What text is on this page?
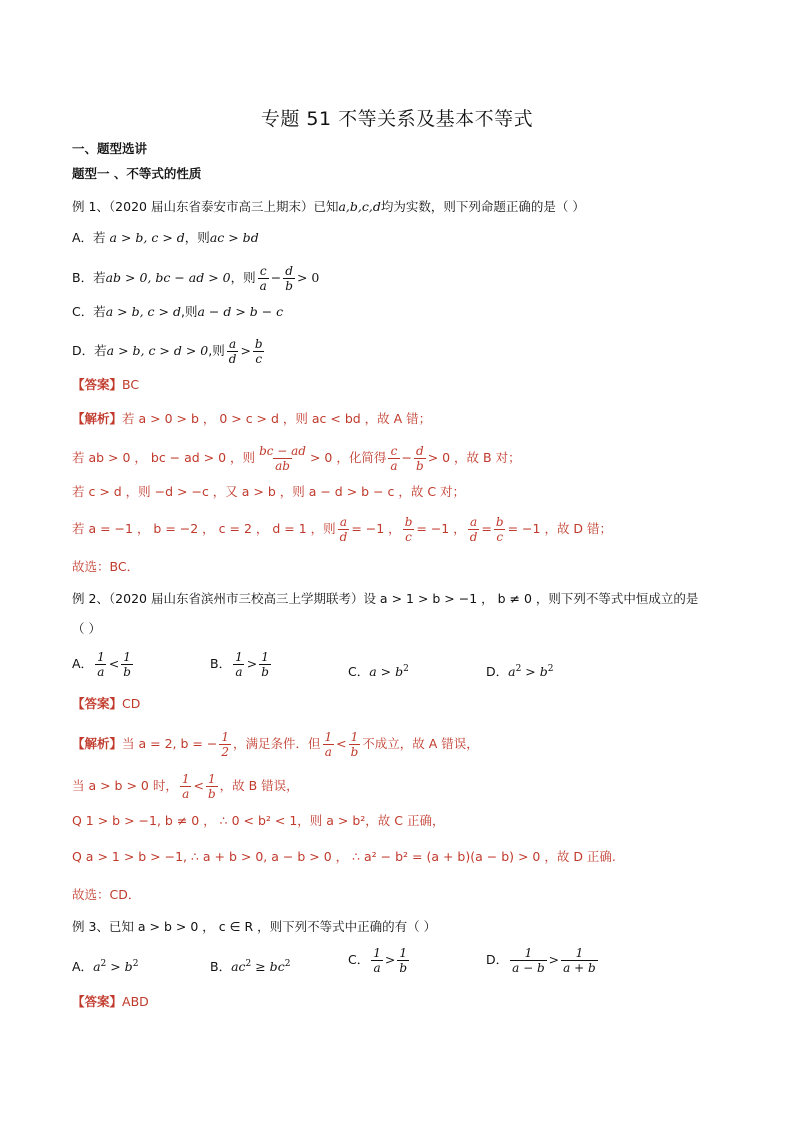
专题 51 不等关系及基本不等式
一、题型选讲
题型一 、不等式的性质
例 1、（2020 届山东省泰安市高三上期末）已知a,b,c,d均为实数，则下列命题正确的是（ ）
A．若 a > b, c > d，则ac > bd
B．若ab > 0, bc − ad > 0，则 $\frac{c}{a} - \frac{d}{b} > 0$
C．若a > b, c > d,则a − d > b − c
D．若a > b, c > d > 0,则 $\frac{a}{d} > \frac{b}{c}$
【答案】BC
【解析】若 a > 0 > b ， 0 > c > d ，则 ac < bd ，故 A 错；
若 ab > 0 ， bc − ad > 0 ，则 $\frac{bc - ad}{ab} > 0$ ，化简得 $\frac{c}{a} - \frac{d}{b} > 0$ ，故 B 对；
若 c > d ，则 −d > −c ，又 a > b ，则 a − d > b − c ，故 C 对；
若 a = −1 ， b = −2 ， c = 2 ， d = 1 ，则 $\frac{a}{d} = -1$ ， $\frac{b}{c} = -1$ ， $\frac{a}{d} = \frac{b}{c} = -1$ ，故 D 错；
故选：BC．
例 2、（2020 届山东省滨州市三校高三上学期联考）设 a > 1 > b > −1 ， b ≠ 0 ，则下列不等式中恒成立的是
（ ）
A． $\frac{1}{a} < \frac{1}{b}$	B． $\frac{1}{a} > \frac{1}{b}$	C．$a > b^2$	D．$a^2 > b^2$
【答案】CD
【解析】当 a = 2, b = − $\frac{1}{2}$ ，满足条件．但 $\frac{1}{a} < \frac{1}{b}$ 不成立，故 A 错误，
当 a > b > 0 时， $\frac{1}{a} < \frac{1}{b}$ ，故 B 错误，
Q 1 > b > −1, b ≠ 0 ， ∴ 0 < b² < 1，则 a > b²，故 C 正确，
Q a > 1 > b > −1, ∴ a + b > 0, a − b > 0 ， ∴ a² − b² = (a + b)(a − b) > 0 ，故 D 正确.
故选：CD．
例 3、已知 a > b > 0 ， c ∈ R ，则下列不等式中正确的有（ ）
A．$a^2 > b^2$	B．$ac^2 \ge bc^2$	C． $\frac{1}{a} > \frac{1}{b}$	D． $\frac{1}{a - b} > \frac{1}{a + b}$
【答案】ABD
